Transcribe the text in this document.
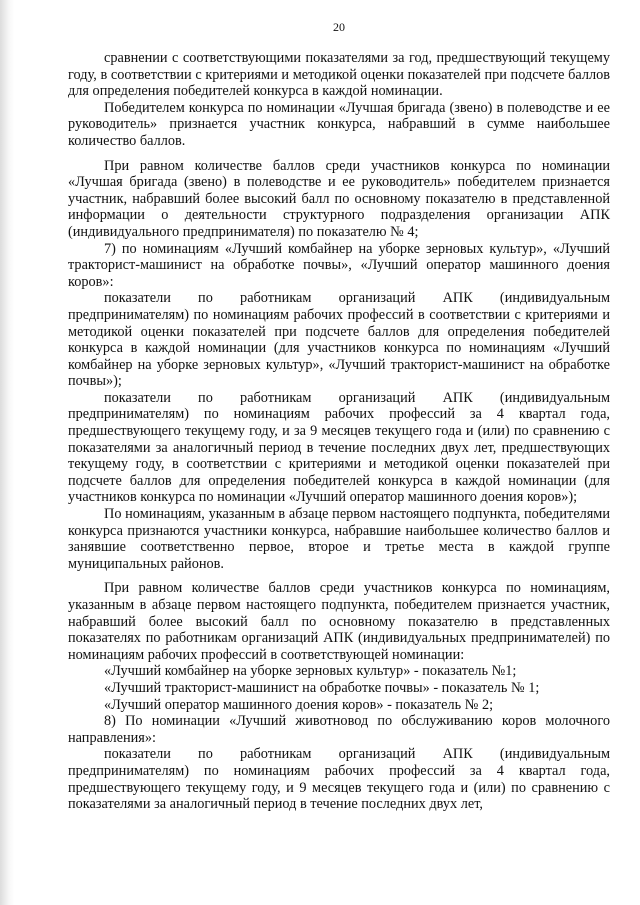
20

сравнении с соответствующими показателями за год, предшествующий текущему году, в соответствии с критериями и методикой оценки показателей при подсчете баллов для определения победителей конкурса в каждой номинации.

Победителем конкурса по номинации «Лучшая бригада (звено) в полеводстве и ее руководитель» признается участник конкурса, набравший в сумме наибольшее количество баллов.

При равном количестве баллов среди участников конкурса по номинации «Лучшая бригада (звено) в полеводстве и ее руководитель» победителем признается участник, набравший более высокий балл по основному показателю в представленной информации о деятельности структурного подразделения организации АПК (индивидуального предпринимателя) по показателю № 4;

7) по номинациям «Лучший комбайнер на уборке зерновых культур», «Лучший тракторист-машинист на обработке почвы», «Лучший оператор машинного доения коров»:

показатели по работникам организаций АПК (индивидуальным предпринимателям) по номинациям рабочих профессий в соответствии с критериями и методикой оценки показателей при подсчете баллов для определения победителей конкурса в каждой номинации (для участников конкурса по номинациям «Лучший комбайнер на уборке зерновых культур», «Лучший тракторист-машинист на обработке почвы»);

показатели по работникам организаций АПК (индивидуальным предпринимателям) по номинациям рабочих профессий за 4 квартал года, предшествующего текущему году, и за 9 месяцев текущего года и (или) по сравнению с показателями за аналогичный период в течение последних двух лет, предшествующих текущему году, в соответствии с критериями и методикой оценки показателей при подсчете баллов для определения победителей конкурса в каждой номинации (для участников конкурса по номинации «Лучший оператор машинного доения коров»);

По номинациям, указанным в абзаце первом настоящего подпункта, победителями конкурса признаются участники конкурса, набравшие наибольшее количество баллов и занявшие соответственно первое, второе и третье места в каждой группе муниципальных районов.

При равном количестве баллов среди участников конкурса по номинациям, указанным в абзаце первом настоящего подпункта, победителем признается участник, набравший более высокий балл по основному показателю в представленных показателях по работникам организаций АПК (индивидуальных предпринимателей) по номинациям рабочих профессий в соответствующей номинации:

«Лучший комбайнер на уборке зерновых культур» - показатель №1;

«Лучший тракторист-машинист на обработке почвы» - показатель № 1;

«Лучший оператор машинного доения коров» - показатель № 2;

8) По номинации «Лучший животновод по обслуживанию коров молочного направления»:

показатели по работникам организаций АПК (индивидуальным предпринимателям) по номинациям рабочих профессий за 4 квартал года, предшествующего текущему году, и 9 месяцев текущего года и (или) по сравнению с показателями за аналогичный период в течение последних двух лет,
